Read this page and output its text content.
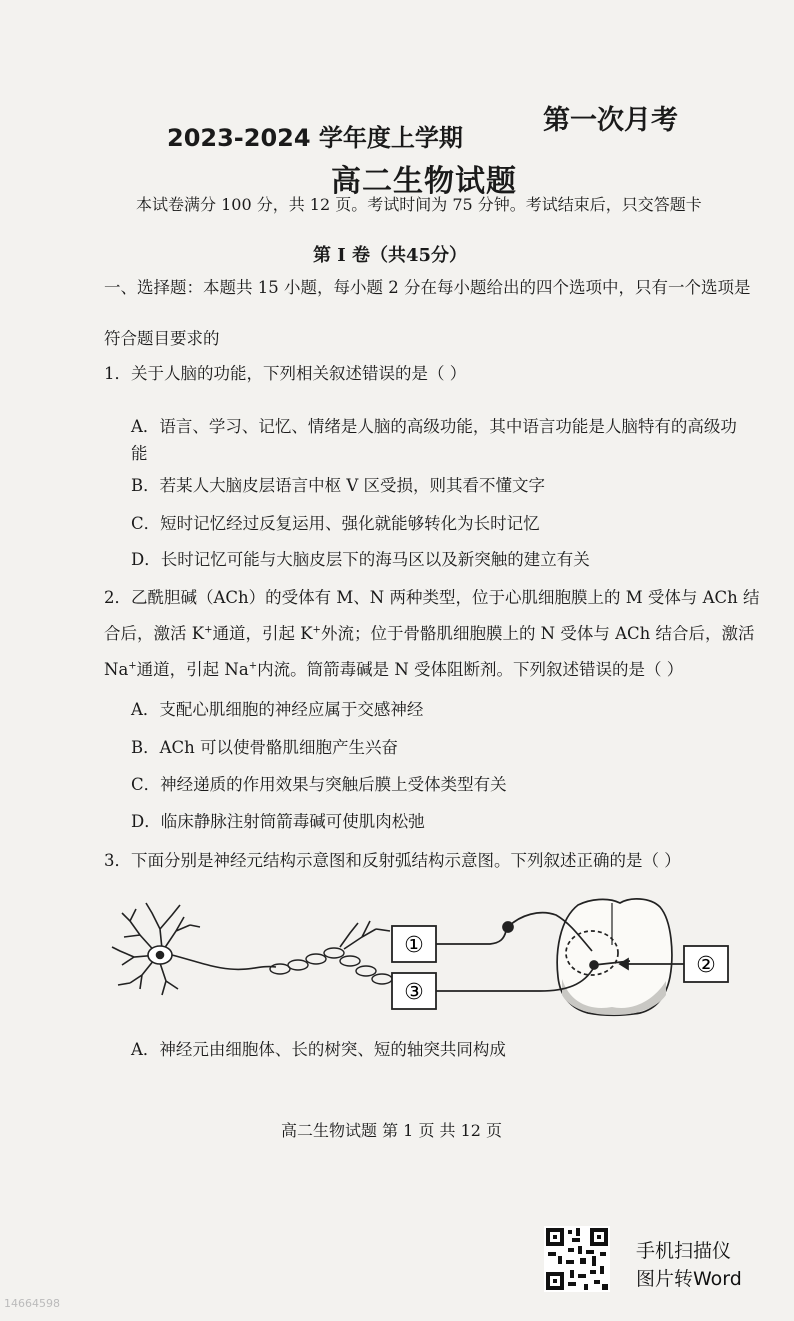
2023-2024 学年度上学期
第一次月考
高二生物试题
本试卷满分 100 分，共 12 页。考试时间为 75 分钟。考试结束后，只交答题卡
第 I 卷（共45分）
一、选择题：本题共 15 小题，每小题 2 分在每小题给出的四个选项中，只有一个选项是
符合题目要求的
1．关于人脑的功能，下列相关叙述错误的是（ ）
A．语言、学习、记忆、情绪是人脑的高级功能，其中语言功能是人脑特有的高级功
能
B．若某人大脑皮层语言中枢 V 区受损，则其看不懂文字
C．短时记忆经过反复运用、强化就能够转化为长时记忆
D．长时记忆可能与大脑皮层下的海马区以及新突触的建立有关
2．乙酰胆碱（ACh）的受体有 M、N 两种类型，位于心肌细胞膜上的 M 受体与 ACh 结
合后，激活 K+通道，引起 K+外流；位于骨骼肌细胞膜上的 N 受体与 ACh 结合后，激活
Na+通道，引起 Na+内流。筒箭毒碱是 N 受体阻断剂。下列叙述错误的是（ ）
A．支配心肌细胞的神经应属于交感神经
B．ACh 可以使骨骼肌细胞产生兴奋
C．神经递质的作用效果与突触后膜上受体类型有关
D．临床静脉注射筒箭毒碱可使肌肉松弛
3．下面分别是神经元结构示意图和反射弧结构示意图。下列叙述正确的是（ ）
①
③
②
A．神经元由细胞体、长的树突、短的轴突共同构成
高二生物试题 第 1 页 共 12 页
手机扫描仪
图片转Word
14664598
